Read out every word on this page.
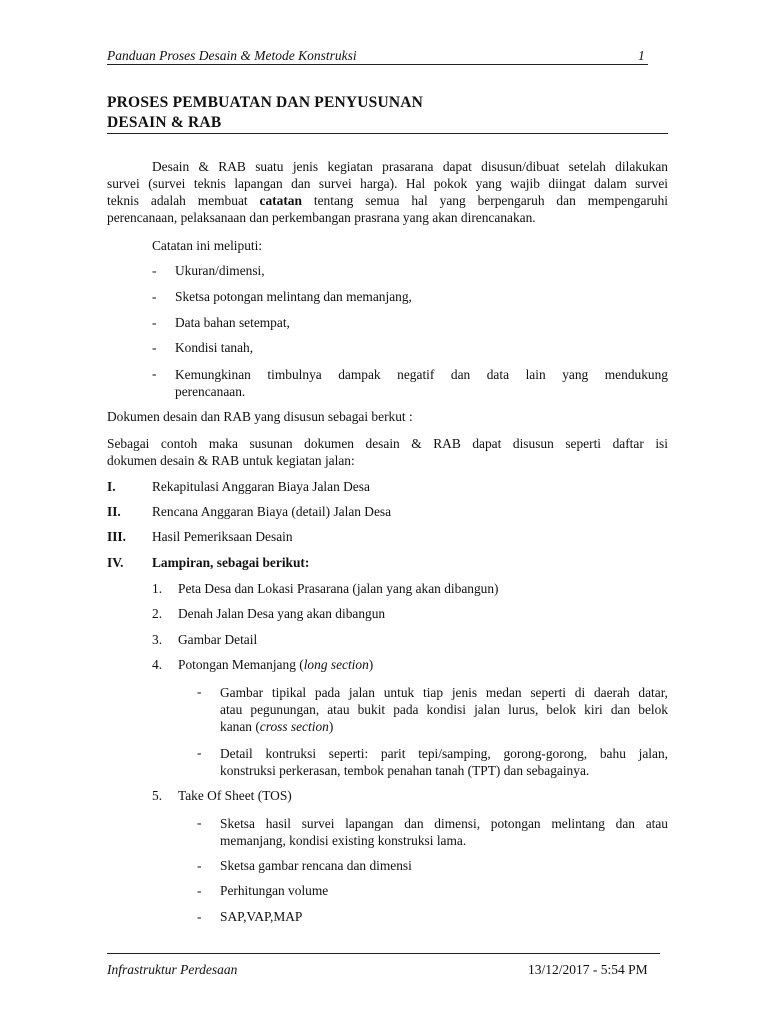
Panduan Proses Desain & Metode Konstruksi	1
PROSES PEMBUATAN DAN PENYUSUNAN
DESAIN & RAB
Desain & RAB suatu jenis kegiatan prasarana dapat disusun/dibuat setelah dilakukan
survei (survei teknis lapangan dan survei harga). Hal pokok yang wajib diingat dalam survei
teknis adalah membuat catatan tentang semua hal yang berpengaruh dan mempengaruhi
perencanaan, pelaksanaan dan perkembangan prasrana yang akan direncanakan.
Catatan ini meliputi:
- Ukuran/dimensi,
- Sketsa potongan melintang dan memanjang,
- Data bahan setempat,
- Kondisi tanah,
- Kemungkinan timbulnya dampak negatif dan data lain yang mendukung
perencanaan.
Dokumen desain dan RAB yang disusun sebagai berkut :
Sebagai contoh maka susunan dokumen desain & RAB dapat disusun seperti daftar isi
dokumen desain & RAB untuk kegiatan jalan:
I.	Rekapitulasi Anggaran Biaya Jalan Desa
II. Rencana Anggaran Biaya (detail) Jalan Desa
III. Hasil Pemeriksaan Desain
IV. Lampiran, sebagai berikut:
1. Peta Desa dan Lokasi Prasarana (jalan yang akan dibangun)
2. Denah Jalan Desa yang akan dibangun
3. Gambar Detail
4. Potongan Memanjang (long section)
- Gambar tipikal pada jalan untuk tiap jenis medan seperti di daerah datar,
atau pegunungan, atau bukit pada kondisi jalan lurus, belok kiri dan belok
kanan (cross section)
- Detail kontruksi seperti: parit tepi/samping, gorong-gorong, bahu jalan,
konstruksi perkerasan, tembok penahan tanah (TPT) dan sebagainya.
5. Take Of Sheet (TOS)
- Sketsa hasil survei lapangan dan dimensi, potongan melintang dan atau
memanjang, kondisi existing konstruksi lama.
- Sketsa gambar rencana dan dimensi
- Perhitungan volume
- SAP,VAP,MAP
Infrastruktur Perdesaan	13/12/2017 - 5:54 PM
